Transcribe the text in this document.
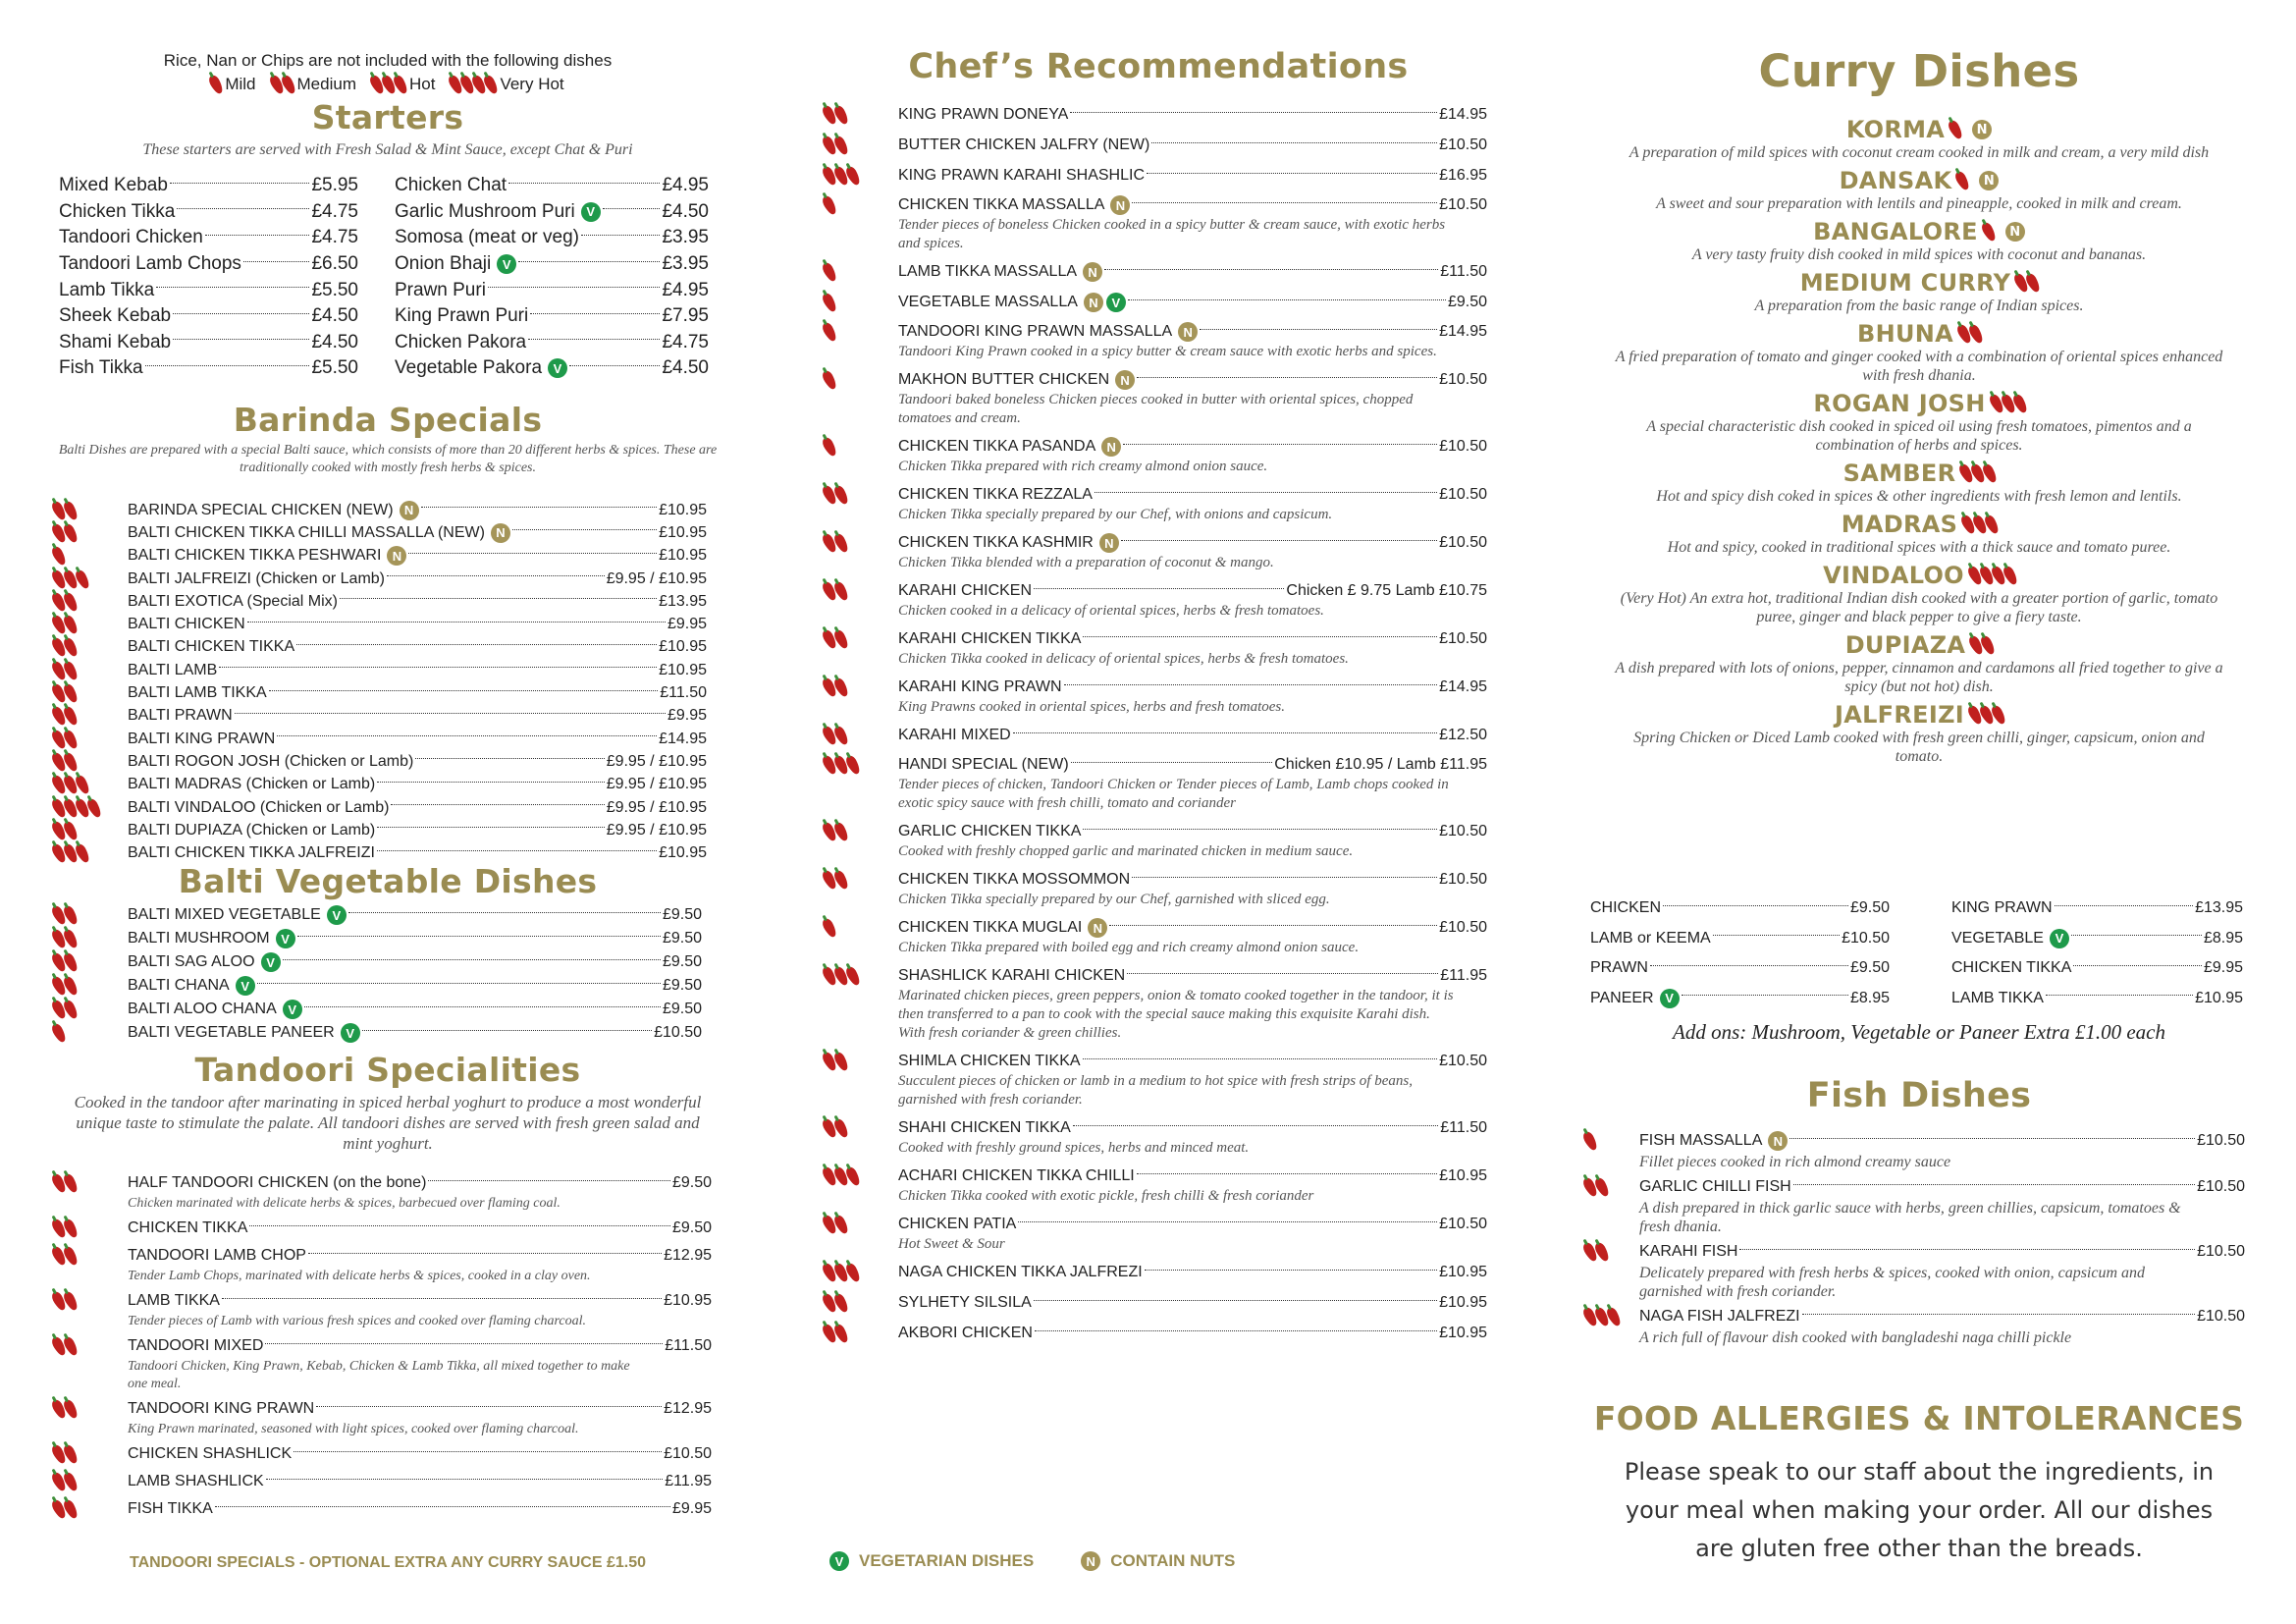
Rice, Nan or Chips are not included with the following dishes
Mild Medium	Hot	Very Hot
Starters
These starters are served with Fresh Salad & Mint Sauce, except Chat & Puri
Mixed Kebab	£5.95
Chicken Tikka	£4.75
Tandoori Chicken	£4.75
Tandoori Lamb Chops	£6.50
Lamb Tikka	£5.50
Sheek Kebab	£4.50
Shami Kebab	£4.50
Fish Tikka	£5.50
Chicken Chat	£4.95
Garlic Mushroom Puri V	£4.50
Somosa (meat or veg)	£3.95
Onion Bhaji V	£3.95
Prawn Puri	£4.95
King Prawn Puri	£7.95
Chicken Pakora	£4.75
Vegetable Pakora V	£4.50
Barinda Specials
Balti Dishes are prepared with a special Balti sauce, which consists of more than 20 different herbs & spices. These are traditionally cooked with mostly fresh herbs & spices.
BARINDA SPECIAL CHICKEN (NEW) N	£10.95
BALTI CHICKEN TIKKA CHILLI MASSALLA (NEW) N	£10.95
BALTI CHICKEN TIKKA PESHWARI N	£10.95
BALTI JALFREIZI (Chicken or Lamb)	£9.95 / £10.95
BALTI EXOTICA (Special Mix)	£13.95
BALTI CHICKEN	£9.95
BALTI CHICKEN TIKKA	£10.95
BALTI LAMB	£10.95
BALTI LAMB TIKKA	£11.50
BALTI PRAWN	£9.95
BALTI KING PRAWN	£14.95
BALTI ROGON JOSH (Chicken or Lamb)	£9.95 / £10.95
BALTI MADRAS (Chicken or Lamb)	£9.95 / £10.95
BALTI VINDALOO (Chicken or Lamb)	£9.95 / £10.95
BALTI DUPIAZA (Chicken or Lamb)	£9.95 / £10.95
BALTI CHICKEN TIKKA JALFREIZI	£10.95
Balti Vegetable Dishes
BALTI MIXED VEGETABLE V	£9.50
BALTI MUSHROOM V	£9.50
BALTI SAG ALOO V	£9.50
BALTI CHANA V	£9.50
BALTI ALOO CHANA V	£9.50
BALTI VEGETABLE PANEER V	£10.50
Tandoori Specialities
Cooked in the tandoor after marinating in spiced herbal yoghurt to produce a most wonderful unique taste to stimulate the palate. All tandoori dishes are served with fresh green salad and mint yoghurt.
HALF TANDOORI CHICKEN (on the bone)	£9.50
Chicken marinated with delicate herbs & spices, barbecued over flaming coal.
CHICKEN TIKKA	£9.50
TANDOORI LAMB CHOP	£12.95
Tender Lamb Chops, marinated with delicate herbs & spices, cooked in a clay oven.
LAMB TIKKA	£10.95
Tender pieces of Lamb with various fresh spices and cooked over flaming charcoal.
TANDOORI MIXED	£11.50
Tandoori Chicken, King Prawn, Kebab, Chicken & Lamb Tikka, all mixed together to make one meal.
TANDOORI KING PRAWN	£12.95
King Prawn marinated, seasoned with light spices, cooked over flaming charcoal.
CHICKEN SHASHLICK	£10.50
LAMB SHASHLICK	£11.95
FISH TIKKA	£9.95
TANDOORI SPECIALS - OPTIONAL EXTRA ANY CURRY SAUCE £1.50
Chef’s Recommendations
KING PRAWN DONEYA	£14.95
BUTTER CHICKEN JALFRY (NEW)	£10.50
KING PRAWN KARAHI SHASHLIC	£16.95
CHICKEN TIKKA MASSALLA N	£10.50
Tender pieces of boneless Chicken cooked in a spicy butter & cream sauce, with exotic herbs and spices.
LAMB TIKKA MASSALLA N	£11.50
VEGETABLE MASSALLA N	V	£9.50
TANDOORI KING PRAWN MASSALLA N	£14.95
Tandoori King Prawn cooked in a spicy butter & cream sauce with exotic herbs and spices.
MAKHON BUTTER CHICKEN N	£10.50
Tandoori baked boneless Chicken pieces cooked in butter with oriental spices, chopped tomatoes and cream.
CHICKEN TIKKA PASANDA N	£10.50
Chicken Tikka prepared with rich creamy almond onion sauce.
CHICKEN TIKKA REZZALA	£10.50
Chicken Tikka specially prepared by our Chef, with onions and capsicum.
CHICKEN TIKKA KASHMIR N	£10.50
Chicken Tikka blended with a preparation of coconut & mango.
KARAHI CHICKEN	Chicken £ 9.75 Lamb £10.75
Chicken cooked in a delicacy of oriental spices, herbs & fresh tomatoes.
KARAHI CHICKEN TIKKA	£10.50
Chicken Tikka cooked in delicacy of oriental spices, herbs & fresh tomatoes.
KARAHI KING PRAWN	£14.95
King Prawns cooked in oriental spices, herbs and fresh tomatoes.
KARAHI MIXED	£12.50
HANDI SPECIAL (NEW)	Chicken £10.95 / Lamb £11.95
Tender pieces of chicken, Tandoori Chicken or Tender pieces of Lamb, Lamb chops cooked in exotic spicy sauce with fresh chilli, tomato and coriander
GARLIC CHICKEN TIKKA	£10.50
Cooked with freshly chopped garlic and marinated chicken in medium sauce.
CHICKEN TIKKA MOSSOMMON	£10.50
Chicken Tikka specially prepared by our Chef, garnished with sliced egg.
CHICKEN TIKKA MUGLAI N	£10.50
Chicken Tikka prepared with boiled egg and rich creamy almond onion sauce.
SHASHLICK KARAHI CHICKEN	£11.95
Marinated chicken pieces, green peppers, onion & tomato cooked together in the tandoor, it is then transferred to a pan to cook with the special sauce making this exquisite Karahi dish. With fresh coriander & green chillies.
SHIMLA CHICKEN TIKKA	£10.50
Succulent pieces of chicken or lamb in a medium to hot spice with fresh strips of beans, garnished with fresh coriander.
SHAHI CHICKEN TIKKA	£11.50
Cooked with freshly ground spices, herbs and minced meat.
ACHARI CHICKEN TIKKA CHILLI	£10.95
Chicken Tikka cooked with exotic pickle, fresh chilli & fresh coriander
CHICKEN PATIA	£10.50
Hot Sweet & Sour
NAGA CHICKEN TIKKA JALFREZI	£10.95
SYLHETY SILSILA	£10.95
AKBORI CHICKEN	£10.95
V VEGETARIAN DISHES	N CONTAIN NUTS
Curry Dishes
KORMA	N
A preparation of mild spices with coconut cream cooked in milk and cream, a very mild dish
DANSAK	N
A sweet and sour preparation with lentils and pineapple, cooked in milk and cream.
BANGALORE	N
A very tasty fruity dish cooked in mild spices with coconut and bananas.
MEDIUM CURRY
A preparation from the basic range of Indian spices.
BHUNA
A fried preparation of tomato and ginger cooked with a combination of oriental spices enhanced with fresh dhania.
ROGAN JOSH
A special characteristic dish cooked in spiced oil using fresh tomatoes, pimentos and a combination of herbs and spices.
SAMBER
Hot and spicy dish coked in spices & other ingredients with fresh lemon and lentils.
MADRAS
Hot and spicy, cooked in traditional spices with a thick sauce and tomato puree.
VINDALOO
(Very Hot) An extra hot, traditional Indian dish cooked with a greater portion of garlic, tomato puree, ginger and black pepper to give a fiery taste.
DUPIAZA
A dish prepared with lots of onions, pepper, cinnamon and cardamons all fried together to give a spicy (but not hot) dish.
JALFREIZI
Spring Chicken or Diced Lamb cooked with fresh green chilli, ginger, capsicum, onion and tomato.
CHICKEN	£9.50
LAMB or KEEMA	£10.50
PRAWN	£9.50
PANEER V	£8.95
KING PRAWN	£13.95
VEGETABLE V	£8.95
CHICKEN TIKKA	£9.95
LAMB TIKKA	£10.95
Add ons: Mushroom, Vegetable or Paneer Extra £1.00 each
Fish Dishes
FISH MASSALLA N	£10.50
Fillet pieces cooked in rich almond creamy sauce
GARLIC CHILLI FISH	£10.50
A dish prepared in thick garlic sauce with herbs, green chillies, capsicum, tomatoes & fresh dhania.
KARAHI FISH	£10.50
Delicately prepared with fresh herbs & spices, cooked with onion, capsicum and garnished with fresh coriander.
NAGA FISH JALFREZI	£10.50
A rich full of flavour dish cooked with bangladeshi naga chilli pickle
FOOD ALLERGIES & INTOLERANCES
Please speak to our staff about the ingredients, in your meal when making your order. All our dishes are gluten free other than the breads.
